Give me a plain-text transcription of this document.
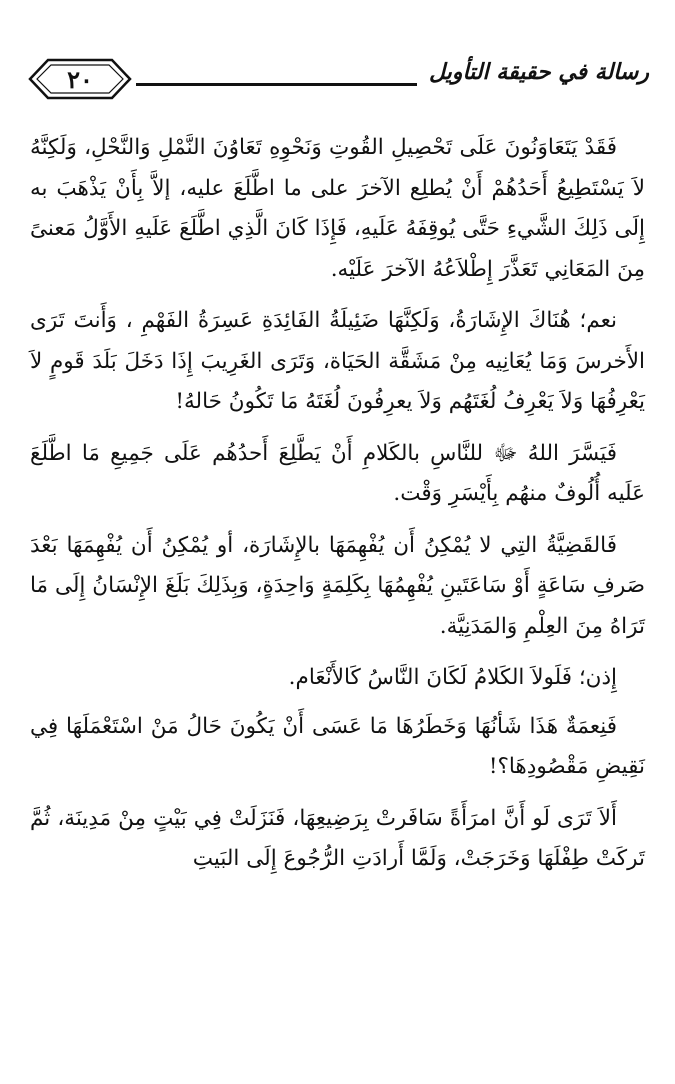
٢٠	رسالة في حقيقة التأويل

فَقَدْ يَتَعَاوَنُونَ عَلَى تَحْصِيلِ القُوتِ وَنَحْوِهِ تَعَاوُنَ النَّمْلِ وَالنَّحْلِ، وَلَكِنَّهُ لاَ يَسْتَطِيعُ أَحَدُهُمْ أَنْ يُطلِع الآخرَ على ما اطَّلَعَ عليه، إلاَّ بِأَنْ يَذْهَبَ به إِلَى ذَلِكَ الشَّيءِ حَتَّى يُوقِفَهُ عَلَيهِ، فَإِذَا كَانَ الَّذِي اطَّلَعَ عَلَيهِ الأَوَّلُ مَعنىً مِنَ المَعَانِي تَعَذَّرَ إِطْلاَعُهُ الآخرَ عَلَيْه.

نعم؛ هُنَاكَ الإِشَارَةُ، وَلَكِنَّهَا ضَئِيلَةُ الفَائِدَةِ عَسِرَةُ الفَهْمِ ، وَأَنتَ تَرَى الأَخرسَ وَمَا يُعَانِيه مِنْ مَشَقَّة الحَيَاة، وَتَرَى الغَرِيبَ إِذَا دَخَلَ بَلَدَ قَومٍ لاَ يَعْرِفُهَا وَلاَ يَعْرِفُ لُغَتَهُم وَلاَ يعرِفُونَ لُغَتَهُ مَا تَكُونُ حَالهُ!

فَيَسَّرَ اللهُ ﷻ للنَّاسِ بالكَلامِ أَنْ يَطَّلِعَ أَحدُهُم عَلَى جَمِيعِ مَا اطَّلَعَ عَلَيه أُلُوفٌ منهُم بِأَيْسَرِ وَقْت.

فَالقَضِيَّةُ التِي لا يُمْكِنُ أَن يُفْهِمَهَا بالإِشَارَة، أو يُمْكِنُ أَن يُفْهِمَهَا بَعْدَ صَرفِ سَاعَةٍ أَوْ سَاعَتَينِ يُفْهِمُهَا بِكَلِمَةٍ وَاحِدَةٍ، وَبِذَلِكَ بَلَغَ الإِنْسَانُ إِلَى مَا تَرَاهُ مِنَ العِلْمِ وَالمَدَنِيَّة.

إِذن؛ فَلَولاَ الكَلامُ لَكَانَ النَّاسُ كَالأَنْعَام.

فَنِعمَةٌ هَذَا شَأنُهَا وَخَطَرُهَا مَا عَسَى أَنْ يَكُونَ حَالُ مَنْ اسْتَعْمَلَهَا فِي نَقِيضِ مَقْصُودِهَا؟!

أَلاَ تَرَى لَو أَنَّ امرَأَةً سَافَرتْ بِرَضِيعِهَا، فَنَزَلَتْ فِي بَيْتٍ مِنْ مَدِينَة، ثُمَّ تَركَتْ طِفْلَهَا وَخَرَجَتْ، وَلَمَّا أَرادَتِ الرُّجُوعَ إِلَى البَيتِ
